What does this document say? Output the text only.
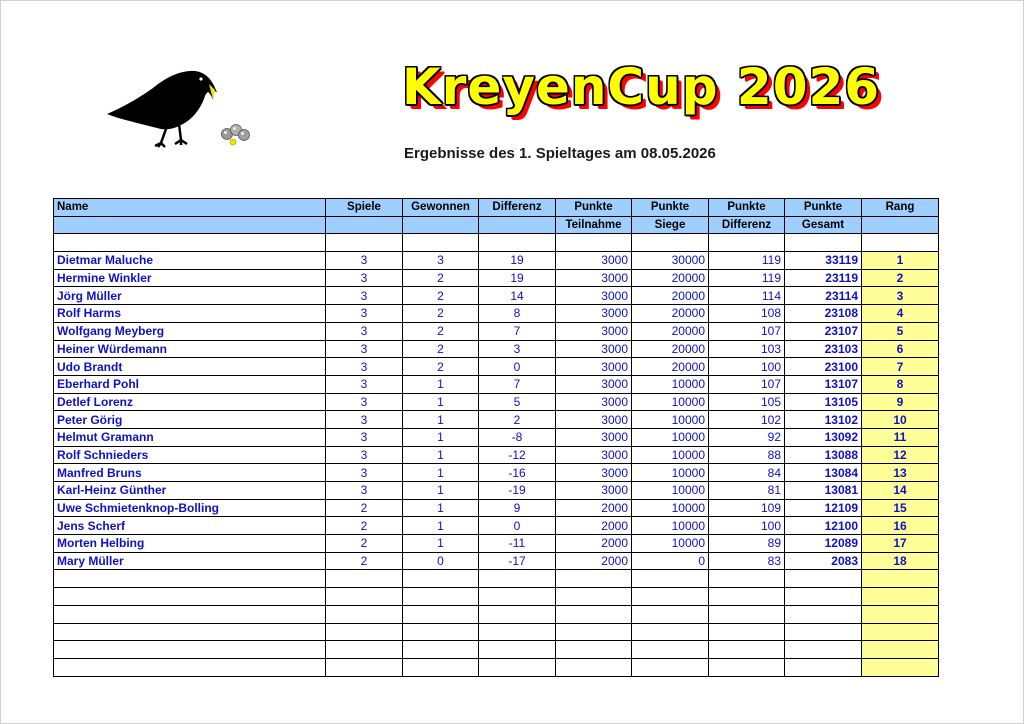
KreyenCup 2026
Ergebnisse des 1. Spieltages am 08.05.2026
Name	Spiele	Gewonnen	Differenz	Punkte	Punkte	Punkte	Punkte	Rang
				Teilnahme	Siege	Differenz	Gesamt	

Dietmar Maluche	3	3	19	3000	30000	119	33119	1
Hermine Winkler	3	2	19	3000	20000	119	23119	2
Jörg Müller	3	2	14	3000	20000	114	23114	3
Rolf Harms	3	2	8	3000	20000	108	23108	4
Wolfgang Meyberg	3	2	7	3000	20000	107	23107	5
Heiner Würdemann	3	2	3	3000	20000	103	23103	6
Udo Brandt	3	2	0	3000	20000	100	23100	7
Eberhard Pohl	3	1	7	3000	10000	107	13107	8
Detlef Lorenz	3	1	5	3000	10000	105	13105	9
Peter Görig	3	1	2	3000	10000	102	13102	10
Helmut Gramann	3	1	-8	3000	10000	92	13092	11
Rolf Schnieders	3	1	-12	3000	10000	88	13088	12
Manfred Bruns	3	1	-16	3000	10000	84	13084	13
Karl-Heinz Günther	3	1	-19	3000	10000	81	13081	14
Uwe Schmietenknop-Bolling	2	1	9	2000	10000	109	12109	15
Jens Scherf	2	1	0	2000	10000	100	12100	16
Morten Helbing	2	1	-11	2000	10000	89	12089	17
Mary Müller	2	0	-17	2000	0	83	2083	18
